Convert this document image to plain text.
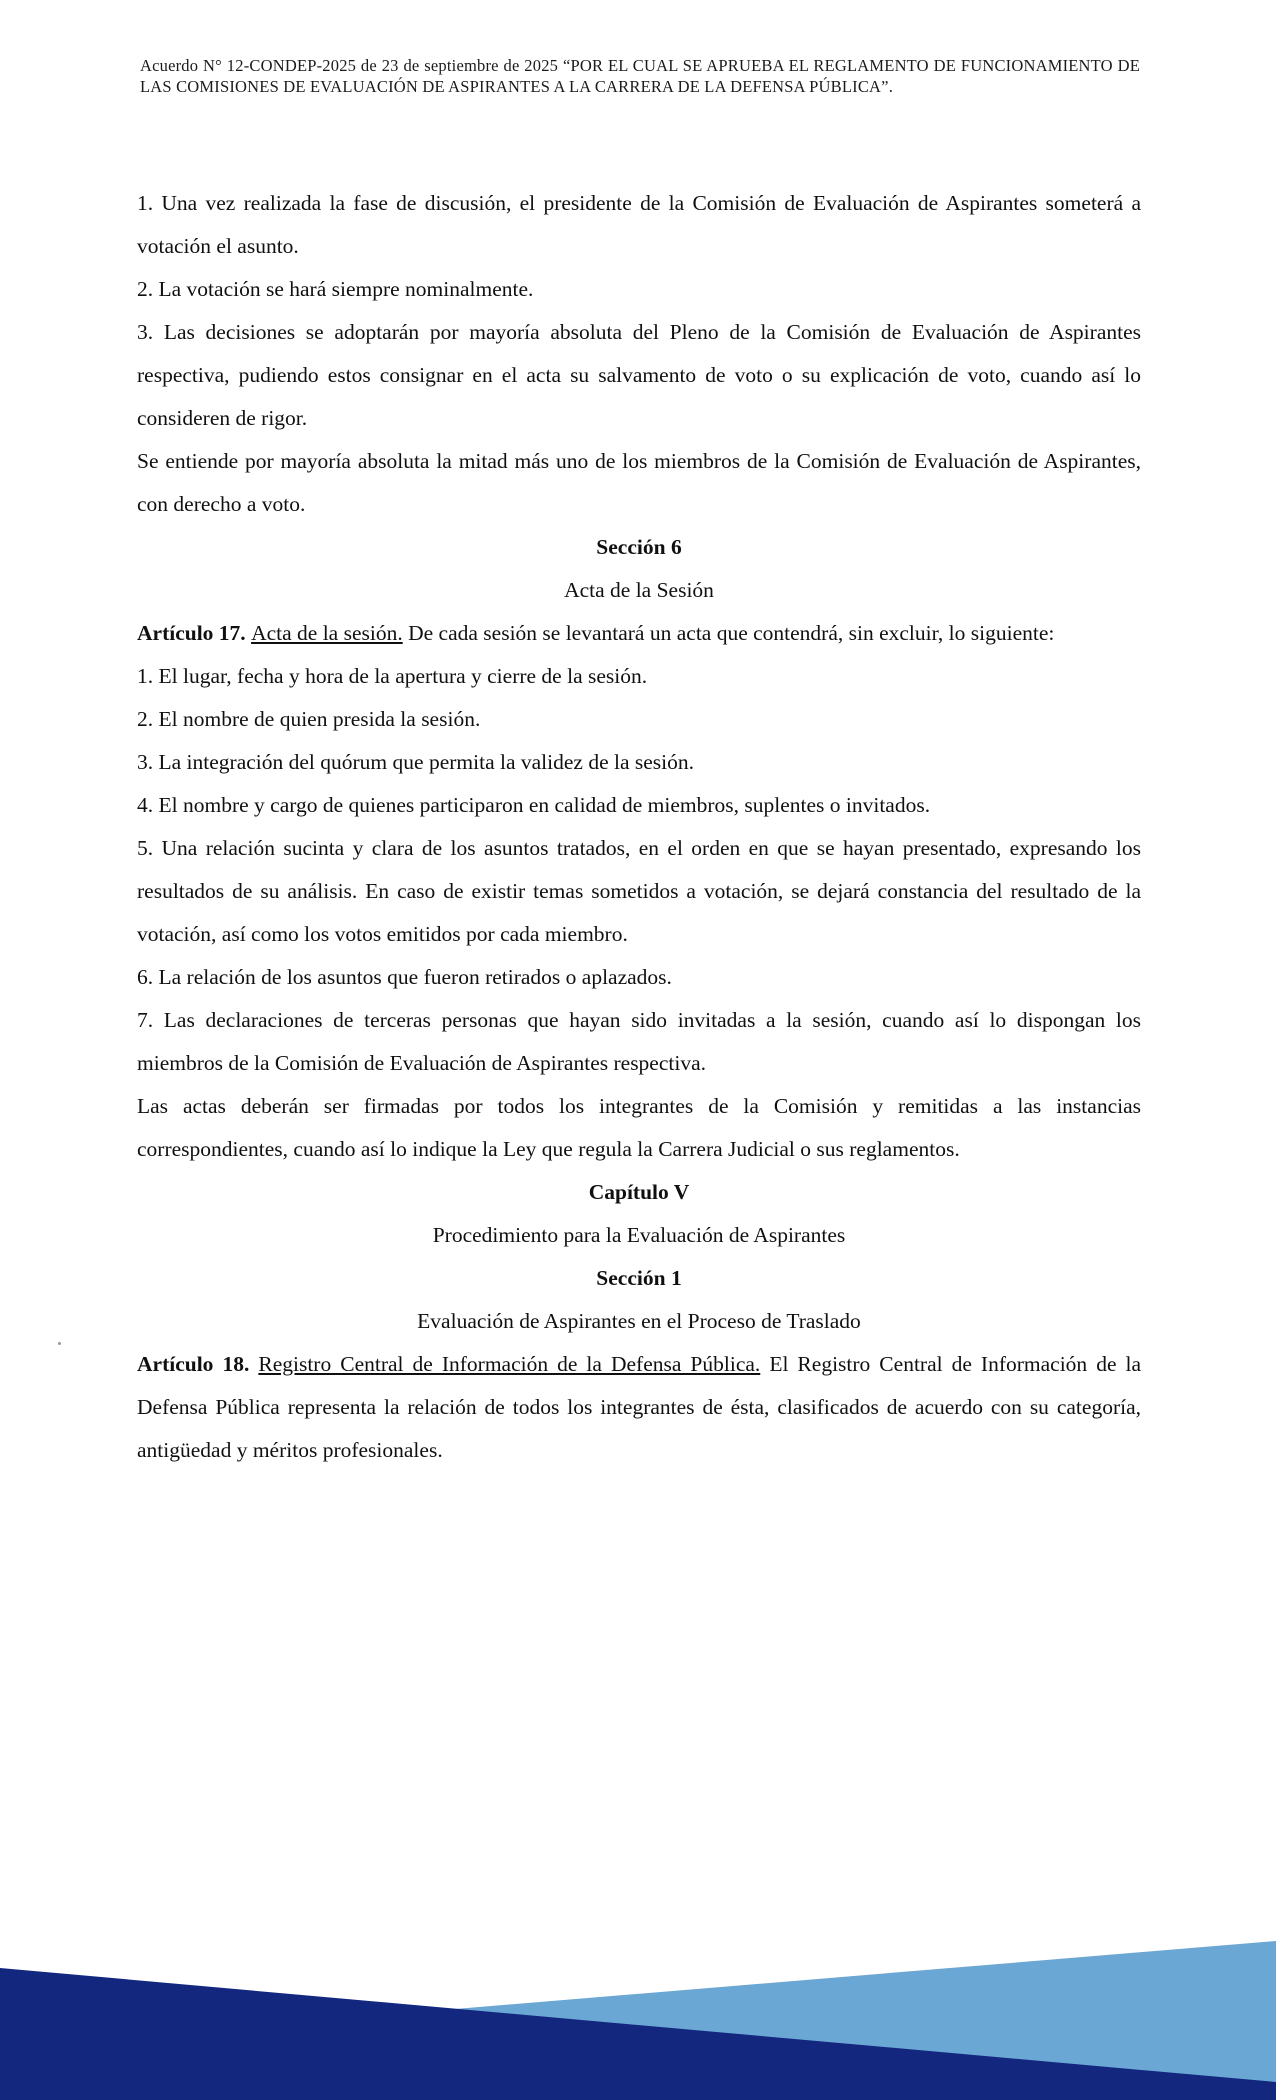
Acuerdo N° 12-CONDEP-2025 de 23 de septiembre de 2025 “POR EL CUAL SE APRUEBA EL REGLAMENTO DE FUNCIONAMIENTO DE LAS COMISIONES DE EVALUACIÓN DE ASPIRANTES A LA CARRERA DE LA DEFENSA PÚBLICA”.

1. Una vez realizada la fase de discusión, el presidente de la Comisión de Evaluación de Aspirantes someterá a votación el asunto.

2. La votación se hará siempre nominalmente.

3. Las decisiones se adoptarán por mayoría absoluta del Pleno de la Comisión de Evaluación de Aspirantes respectiva, pudiendo estos consignar en el acta su salvamento de voto o su explicación de voto, cuando así lo consideren de rigor.

Se entiende por mayoría absoluta la mitad más uno de los miembros de la Comisión de Evaluación de Aspirantes, con derecho a voto.

Sección 6

Acta de la Sesión

Artículo 17. Acta de la sesión. De cada sesión se levantará un acta que contendrá, sin excluir, lo siguiente:

1. El lugar, fecha y hora de la apertura y cierre de la sesión.

2. El nombre de quien presida la sesión.

3. La integración del quórum que permita la validez de la sesión.

4. El nombre y cargo de quienes participaron en calidad de miembros, suplentes o invitados.

5. Una relación sucinta y clara de los asuntos tratados, en el orden en que se hayan presentado, expresando los resultados de su análisis. En caso de existir temas sometidos a votación, se dejará constancia del resultado de la votación, así como los votos emitidos por cada miembro.

6. La relación de los asuntos que fueron retirados o aplazados.

7. Las declaraciones de terceras personas que hayan sido invitadas a la sesión, cuando así lo dispongan los miembros de la Comisión de Evaluación de Aspirantes respectiva.

Las actas deberán ser firmadas por todos los integrantes de la Comisión y remitidas a las instancias correspondientes, cuando así lo indique la Ley que regula la Carrera Judicial o sus reglamentos.

Capítulo V

Procedimiento para la Evaluación de Aspirantes

Sección 1

Evaluación de Aspirantes en el Proceso de Traslado

Artículo 18. Registro Central de Información de la Defensa Pública. El Registro Central de Información de la Defensa Pública representa la relación de todos los integrantes de ésta, clasificados de acuerdo con su categoría, antigüedad y méritos profesionales.
